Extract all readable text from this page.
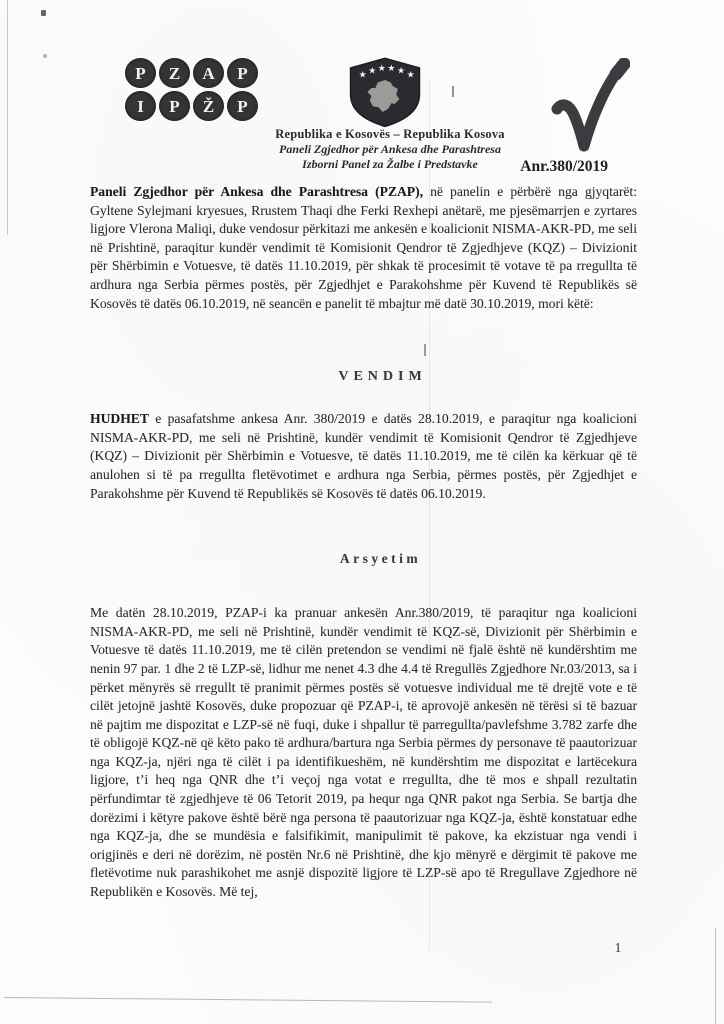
P Z A P
I P Ž P
★ ★ ★ ★ ★ ★
Republika e Kosovës – Republika Kosova
Paneli Zgjedhor për Ankesa dhe Parashtresa
Izborni Panel za Žalbe i Predstavke	Anr.380/2019

Paneli Zgjedhor për Ankesa dhe Parashtresa (PZAP), në panelin e përbërë nga gjyqtarët: Gyltene Sylejmani kryesues, Rrustem Thaqi dhe Ferki Rexhepi anëtarë, me pjesëmarrjen e zyrtares ligjore Vlerona Maliqi, duke vendosur përkitazi me ankesën e koalicionit NISMA-AKR-PD, me seli në Prishtinë, paraqitur kundër vendimit të Komisionit Qendror të Zgjedhjeve (KQZ) – Divizionit për Shërbimin e Votuesve, të datës 11.10.2019, për shkak të procesimit të votave të pa rregullta të ardhura nga Serbia përmes postës, për Zgjedhjet e Parakohshme për Kuvend të Republikës së Kosovës të datës 06.10.2019, në seancën e panelit të mbajtur më datë 30.10.2019, mori këtë:

VENDIM

HUDHET e pasafatshme ankesa Anr. 380/2019 e datës 28.10.2019, e paraqitur nga koalicioni NISMA-AKR-PD, me seli në Prishtinë, kundër vendimit të Komisionit Qendror të Zgjedhjeve (KQZ) – Divizionit për Shërbimin e Votuesve, të datës 11.10.2019, me të cilën ka kërkuar që të anulohen si të pa rregullta fletëvotimet e ardhura nga Serbia, përmes postës, për Zgjedhjet e Parakohshme për Kuvend të Republikës së Kosovës të datës 06.10.2019.

Arsyetim

Me datën 28.10.2019, PZAP-i ka pranuar ankesën Anr.380/2019, të paraqitur nga koalicioni NISMA-AKR-PD, me seli në Prishtinë, kundër vendimit të KQZ-së, Divizionit për Shërbimin e Votuesve të datës 11.10.2019, me të cilën pretendon se vendimi në fjalë është në kundërshtim me nenin 97 par. 1 dhe 2 të LZP-së, lidhur me nenet 4.3 dhe 4.4 të Rregullës Zgjedhore Nr.03/2013, sa i përket mënyrës së rregullt të pranimit përmes postës së votuesve individual me të drejtë vote e të cilët jetojnë jashtë Kosovës, duke propozuar që PZAP-i, të aprovojë ankesën në tërësi si të bazuar në pajtim me dispozitat e LZP-së në fuqi, duke i shpallur të parregullta/pavlefshme 3.782 zarfe dhe të obligojë KQZ-në që këto pako të ardhura/bartura nga Serbia përmes dy personave të paautorizuar nga KQZ-ja, njëri nga të cilët i pa identifikueshëm, në kundërshtim me dispozitat e lartëcekura ligjore, t’i heq nga QNR dhe t’i veçoj nga votat e rregullta, dhe të mos e shpall rezultatin përfundimtar të zgjedhjeve të 06 Tetorit 2019, pa hequr nga QNR pakot nga Serbia. Se bartja dhe dorëzimi i këtyre pakove është bërë nga persona të paautorizuar nga KQZ-ja, është konstatuar edhe nga KQZ-ja, dhe se mundësia e falsifikimit, manipulimit të pakove, ka ekzistuar nga vendi i origjinës e deri në dorëzim, në postën Nr.6 në Prishtinë, dhe kjo mënyrë e dërgimit të pakove me fletëvotime nuk parashikohet me asnjë dispozitë ligjore të LZP-së apo të Rregullave Zgjedhore në Republikën e Kosovës. Më tej,

1
